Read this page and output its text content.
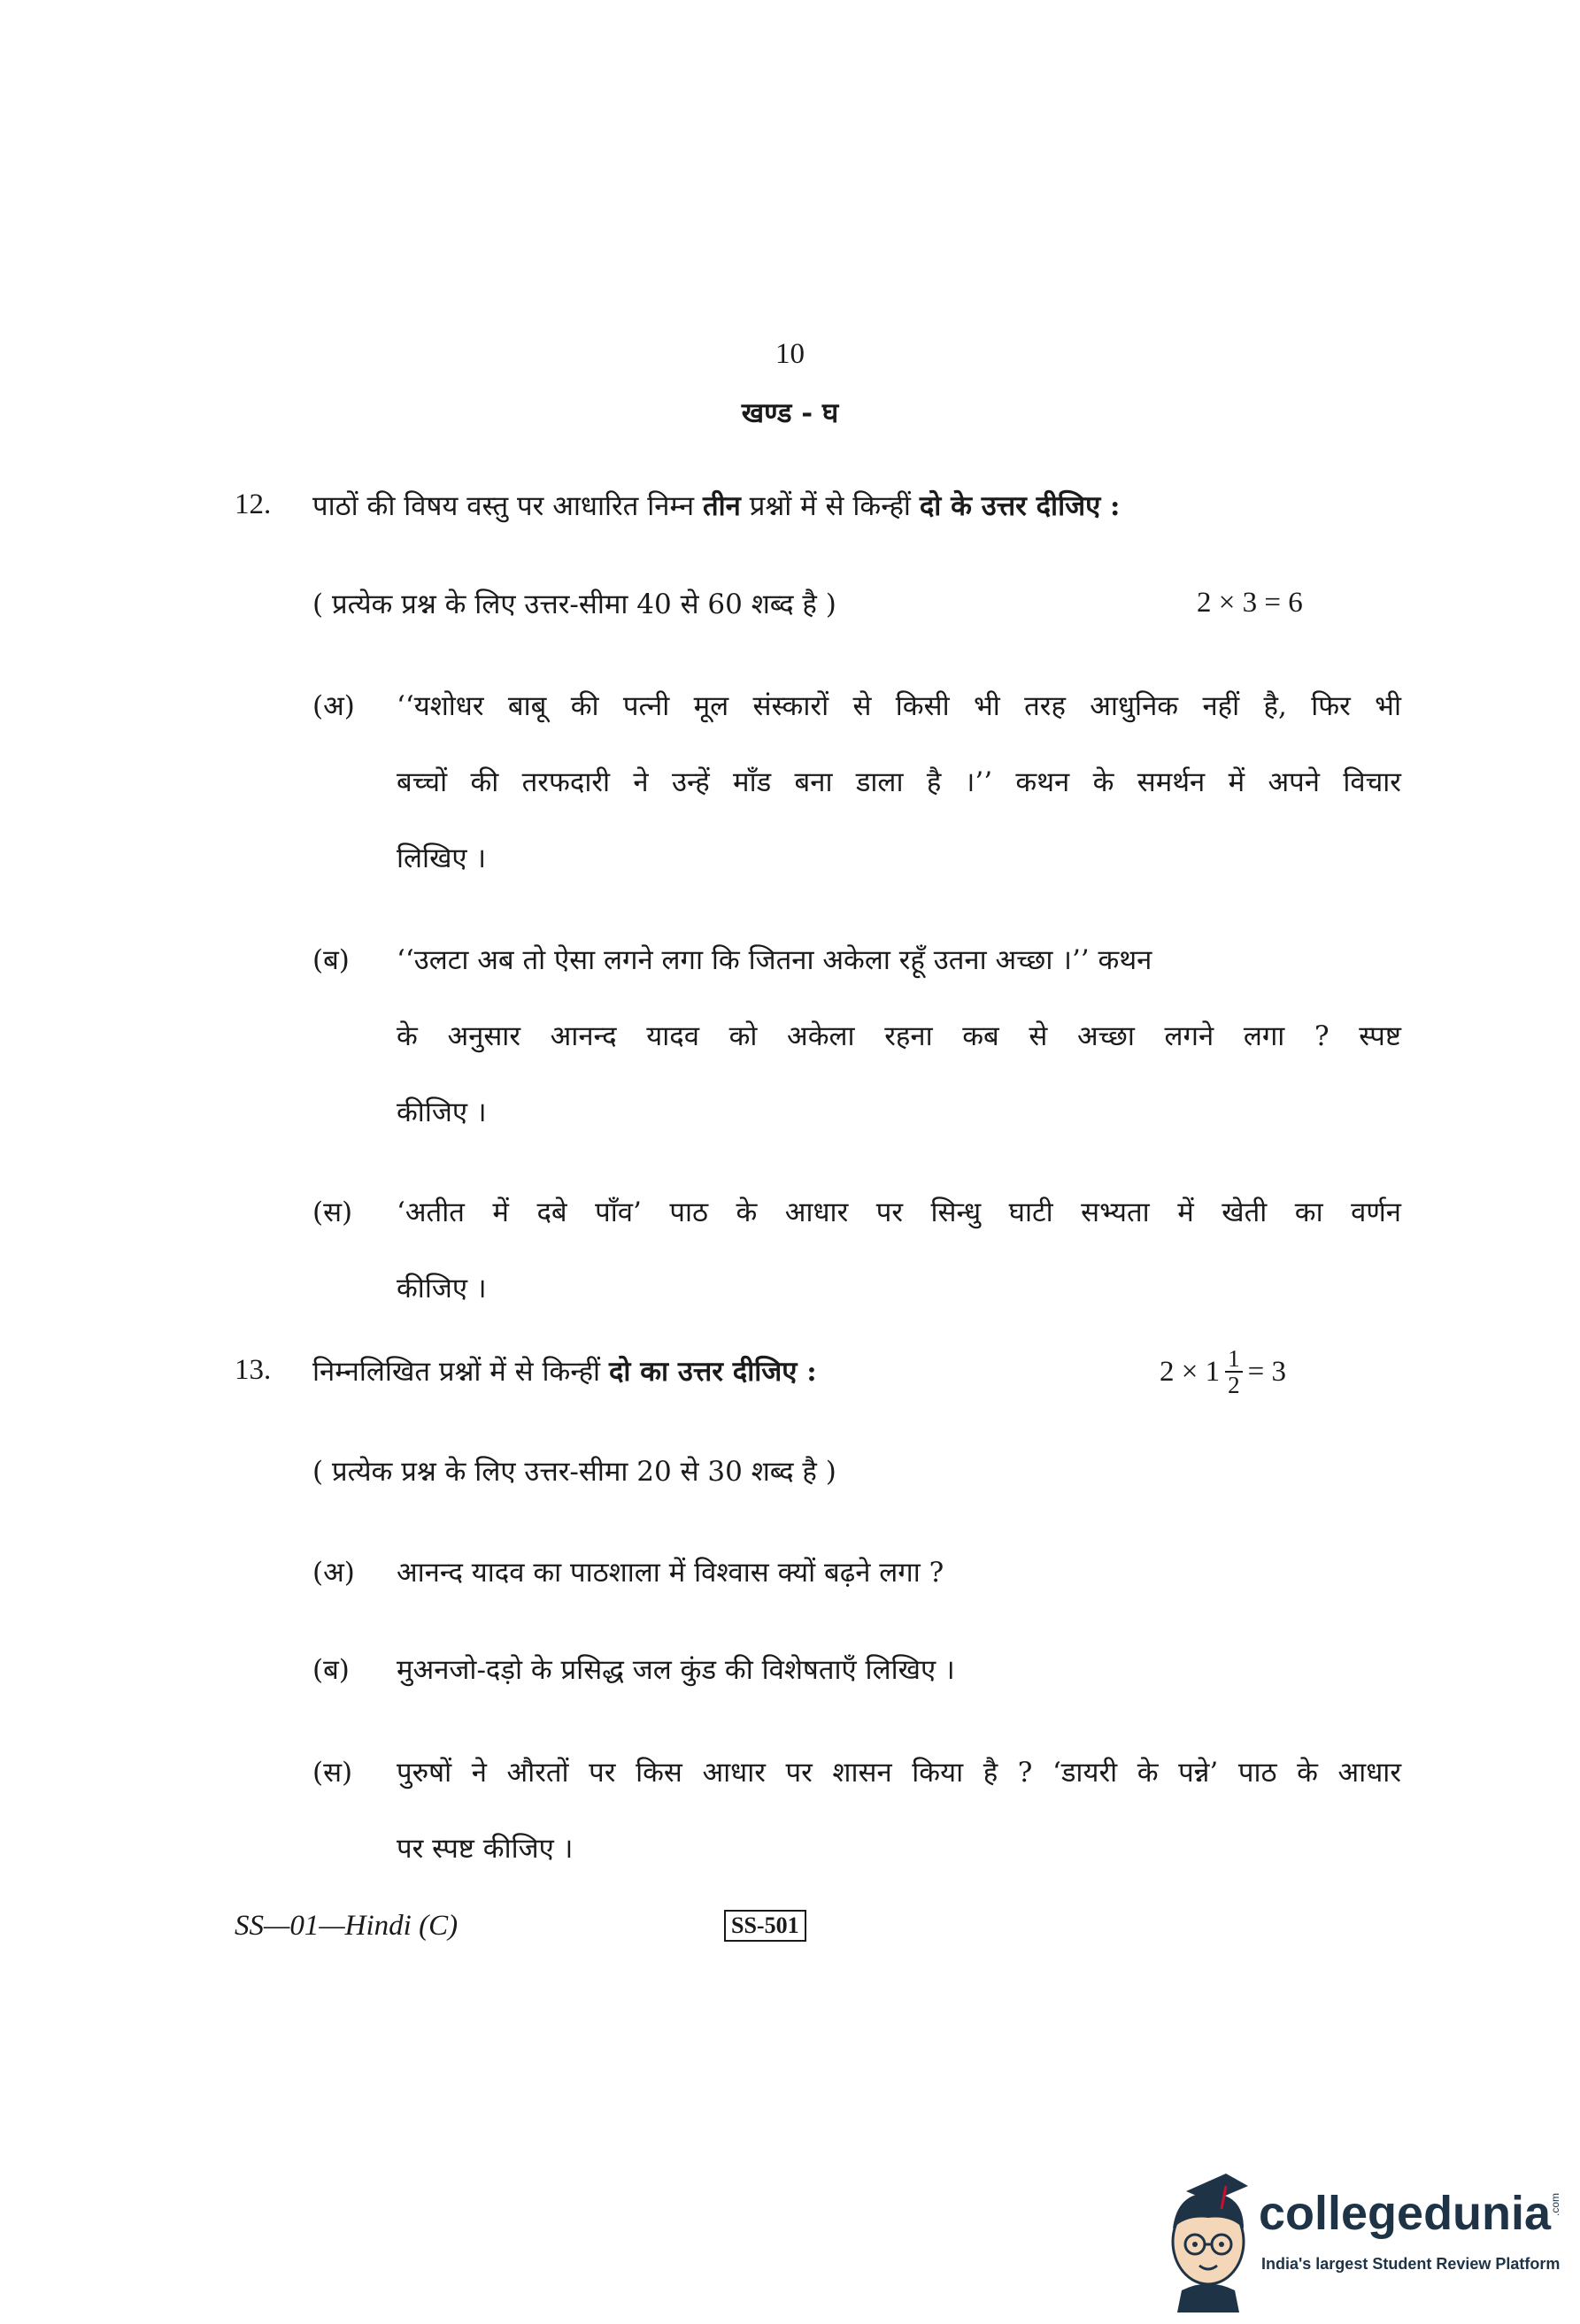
10
खण्ड - घ
12. पाठों की विषय वस्तु पर आधारित निम्न तीन प्रश्नों में से किन्हीं दो के उत्तर दीजिए :
( प्रत्येक प्रश्न के लिए उत्तर-सीमा 40 से 60 शब्द है )	2 × 3 = 6
(अ) ‘‘यशोधर बाबू की पत्नी मूल संस्कारों से किसी भी तरह आधुनिक नहीं है, फिर भी
बच्चों की तरफदारी ने उन्हें माँड बना डाला है ।’’ कथन के समर्थन में अपने विचार
लिखिए ।
(ब) ‘‘उलटा अब तो ऐसा लगने लगा कि जितना अकेला रहूँ उतना अच्छा ।’’ कथन
के अनुसार आनन्द यादव को अकेला रहना कब से अच्छा लगने लगा ? स्पष्ट
कीजिए ।
(स) ‘अतीत में दबे पाँव’ पाठ के आधार पर सिन्धु घाटी सभ्यता में खेती का वर्णन
कीजिए ।
13. निम्नलिखित प्रश्नों में से किन्हीं दो का उत्तर दीजिए :	$2 \times 1 \frac{1}{2} = 3$
( प्रत्येक प्रश्न के लिए उत्तर-सीमा 20 से 30 शब्द है )
(अ) आनन्द यादव का पाठशाला में विश्वास क्यों बढ़ने लगा ?
(ब) मुअनजो-दड़ो के प्रसिद्ध जल कुंड की विशेषताएँ लिखिए ।
(स) पुरुषों ने औरतों पर किस आधार पर शासन किया है ? ‘डायरी के पन्ने’ पाठ के आधार
पर स्पष्ट कीजिए ।
SS—01—Hindi (C)	SS-501
collegedunia
.com
India's largest Student Review Platform
